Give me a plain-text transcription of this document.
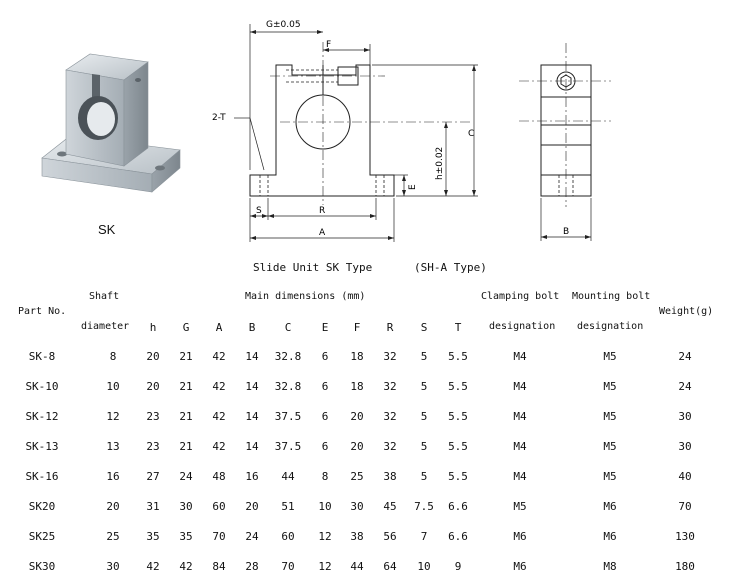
SK
G±0.05
F
2-T
S	R
A
C
h±0.02
E
B
Slide Unit SK Type	(SH-A Type)
Part No.
Shaft
diameter
Main dimensions (mm)	Clamping bolt
designation
Mounting bolt
designation
Weight(g)
h	G	A	B	C	E	F	R	S	T
SK-8	8	20	21	42	14	32.8	6	18	32	5	5.5	M4	M5	24
SK-10	10	20	21	42	14	32.8	6	18	32	5	5.5	M4	M5	24
SK-12	12	23	21	42	14	37.5	6	20	32	5	5.5	M4	M5	30
SK-13	13	23	21	42	14	37.5	6	20	32	5	5.5	M4	M5	30
SK-16	16	27	24	48	16	44	8	25	38	5	5.5	M4	M5	40
SK20	20	31	30	60	20	51	10	30	45	7.5	6.6	M5	M6	70
SK25	25	35	35	70	24	60	12	38	56	7	6.6	M6	M6	130
SK30	30	42	42	84	28	70	12	44	64	10	9	M6	M8	180
